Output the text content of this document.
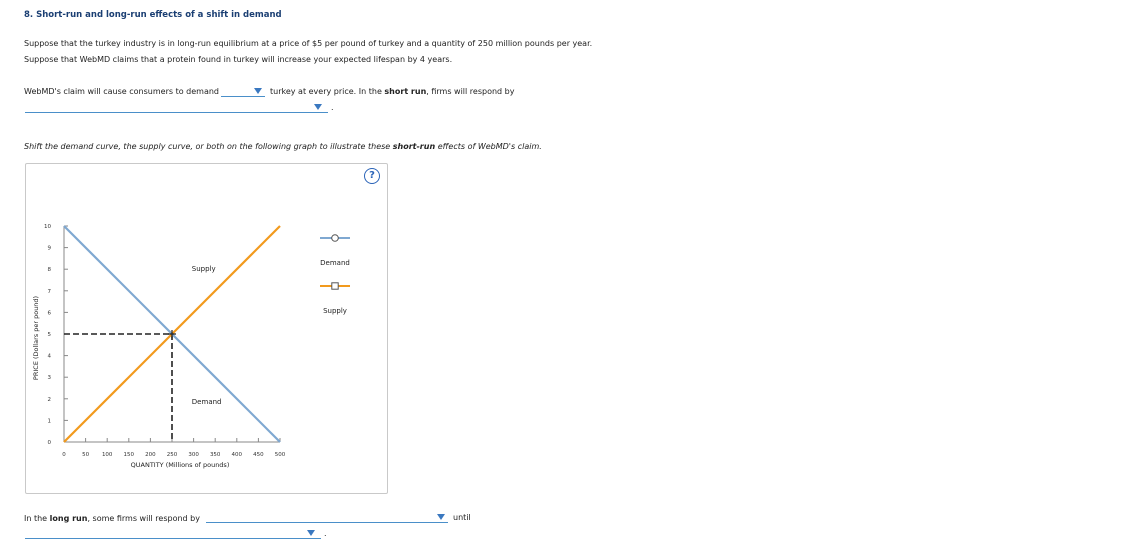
8. Short-run and long-run effects of a shift in demand
Suppose that the turkey industry is in long-run equilibrium at a price of $5 per pound of turkey and a quantity of 250 million pounds per year.
Suppose that WebMD claims that a protein found in turkey will increase your expected lifespan by 4 years.
WebMD's claim will cause consumers to demand	turkey at every price. In the short run, firms will respond by
.
Shift the demand curve, the supply curve, or both on the following graph to illustrate these short-run effects of WebMD's claim.
?
0
1
2
3
4
5
6
7
8
9
10
0	50 100 150 200 250 300 350 400 450 500
Supply
Demand
QUANTITY (Millions of pounds)
PRICE (Dollars per pound)
Demand
Supply
In the long run, some firms will respond by	until
.
